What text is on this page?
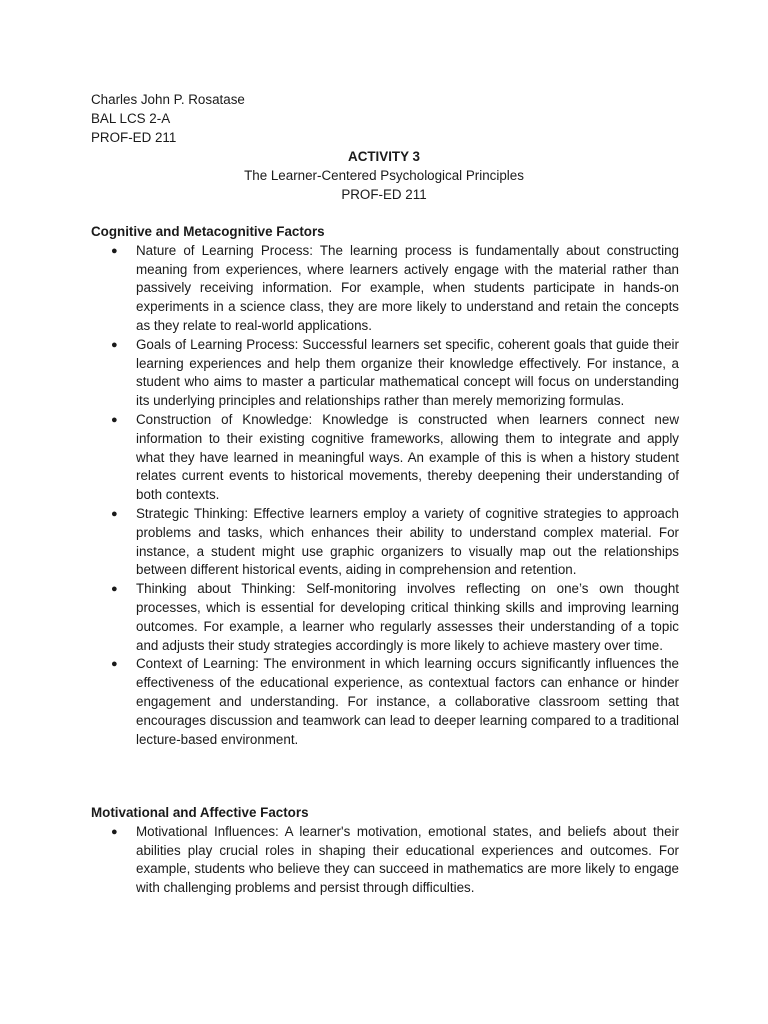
Charles John P. Rosatase
BAL LCS 2-A
PROF-ED 211
ACTIVITY 3
The Learner-Centered Psychological Principles
PROF-ED 211
Cognitive and Metacognitive Factors
● Nature of Learning Process: The learning process is fundamentally about constructing meaning from experiences, where learners actively engage with the material rather than passively receiving information. For example, when students participate in hands-on experiments in a science class, they are more likely to understand and retain the concepts as they relate to real-world applications.
● Goals of Learning Process: Successful learners set specific, coherent goals that guide their learning experiences and help them organize their knowledge effectively. For instance, a student who aims to master a particular mathematical concept will focus on understanding its underlying principles and relationships rather than merely memorizing formulas.
● Construction of Knowledge: Knowledge is constructed when learners connect new information to their existing cognitive frameworks, allowing them to integrate and apply what they have learned in meaningful ways. An example of this is when a history student relates current events to historical movements, thereby deepening their understanding of both contexts.
● Strategic Thinking: Effective learners employ a variety of cognitive strategies to approach problems and tasks, which enhances their ability to understand complex material. For instance, a student might use graphic organizers to visually map out the relationships between different historical events, aiding in comprehension and retention.
● Thinking about Thinking: Self-monitoring involves reflecting on one’s own thought processes, which is essential for developing critical thinking skills and improving learning outcomes. For example, a learner who regularly assesses their understanding of a topic and adjusts their study strategies accordingly is more likely to achieve mastery over time.
● Context of Learning: The environment in which learning occurs significantly influences the effectiveness of the educational experience, as contextual factors can enhance or hinder engagement and understanding. For instance, a collaborative classroom setting that encourages discussion and teamwork can lead to deeper learning compared to a traditional lecture-based environment.
Motivational and Affective Factors
● Motivational Influences: A learner's motivation, emotional states, and beliefs about their abilities play crucial roles in shaping their educational experiences and outcomes. For example, students who believe they can succeed in mathematics are more likely to engage with challenging problems and persist through difficulties.
